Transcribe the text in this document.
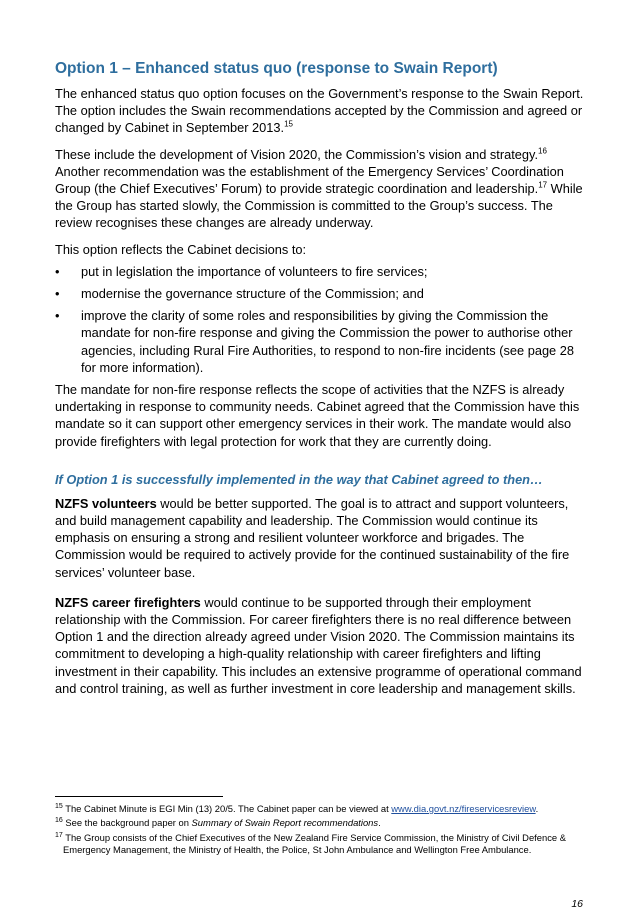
Option 1 – Enhanced status quo (response to Swain Report)

The enhanced status quo option focuses on the Government’s response to the Swain Report. The option includes the Swain recommendations accepted by the Commission and agreed or changed by Cabinet in September 2013.15

These include the development of Vision 2020, the Commission’s vision and strategy.$^{16}$ Another recommendation was the establishment of the Emergency Services’ Coordination Group (the Chief Executives’ Forum) to provide strategic coordination and leadership.$^{17}$ While the Group has started slowly, the Commission is committed to the Group’s success. The review recognises these changes are already underway.

This option reflects the Cabinet decisions to:

• put in legislation the importance of volunteers to fire services;
• modernise the governance structure of the Commission; and
• improve the clarity of some roles and responsibilities by giving the Commission the mandate for non-fire response and giving the Commission the power to authorise other agencies, including Rural Fire Authorities, to respond to non-fire incidents (see page 28 for more information).

The mandate for non-fire response reflects the scope of activities that the NZFS is already undertaking in response to community needs. Cabinet agreed that the Commission have this mandate so it can support other emergency services in their work. The mandate would also provide firefighters with legal protection for work that they are currently doing.

If Option 1 is successfully implemented in the way that Cabinet agreed to then…

NZFS volunteers would be better supported. The goal is to attract and support volunteers, and build management capability and leadership. The Commission would continue its emphasis on ensuring a strong and resilient volunteer workforce and brigades. The Commission would be required to actively provide for the continued sustainability of the fire services’ volunteer base.

NZFS career firefighters would continue to be supported through their employment relationship with the Commission. For career firefighters there is no real difference between Option 1 and the direction already agreed under Vision 2020. The Commission maintains its commitment to developing a high-quality relationship with career firefighters and lifting investment in their capability. This includes an extensive programme of operational command and control training, as well as further investment in core leadership and management skills.

$^{15}$ The Cabinet Minute is EGI Min (13) 20/5. The Cabinet paper can be viewed at www.dia.govt.nz/fireservicesreview.

$^{16}$ See the background paper on Summary of Swain Report recommendations.

$^{17}$ The Group consists of the Chief Executives of the New Zealand Fire Service Commission, the Ministry of Civil Defence & Emergency Management, the Ministry of Health, the Police, St John Ambulance and Wellington Free Ambulance.

16
